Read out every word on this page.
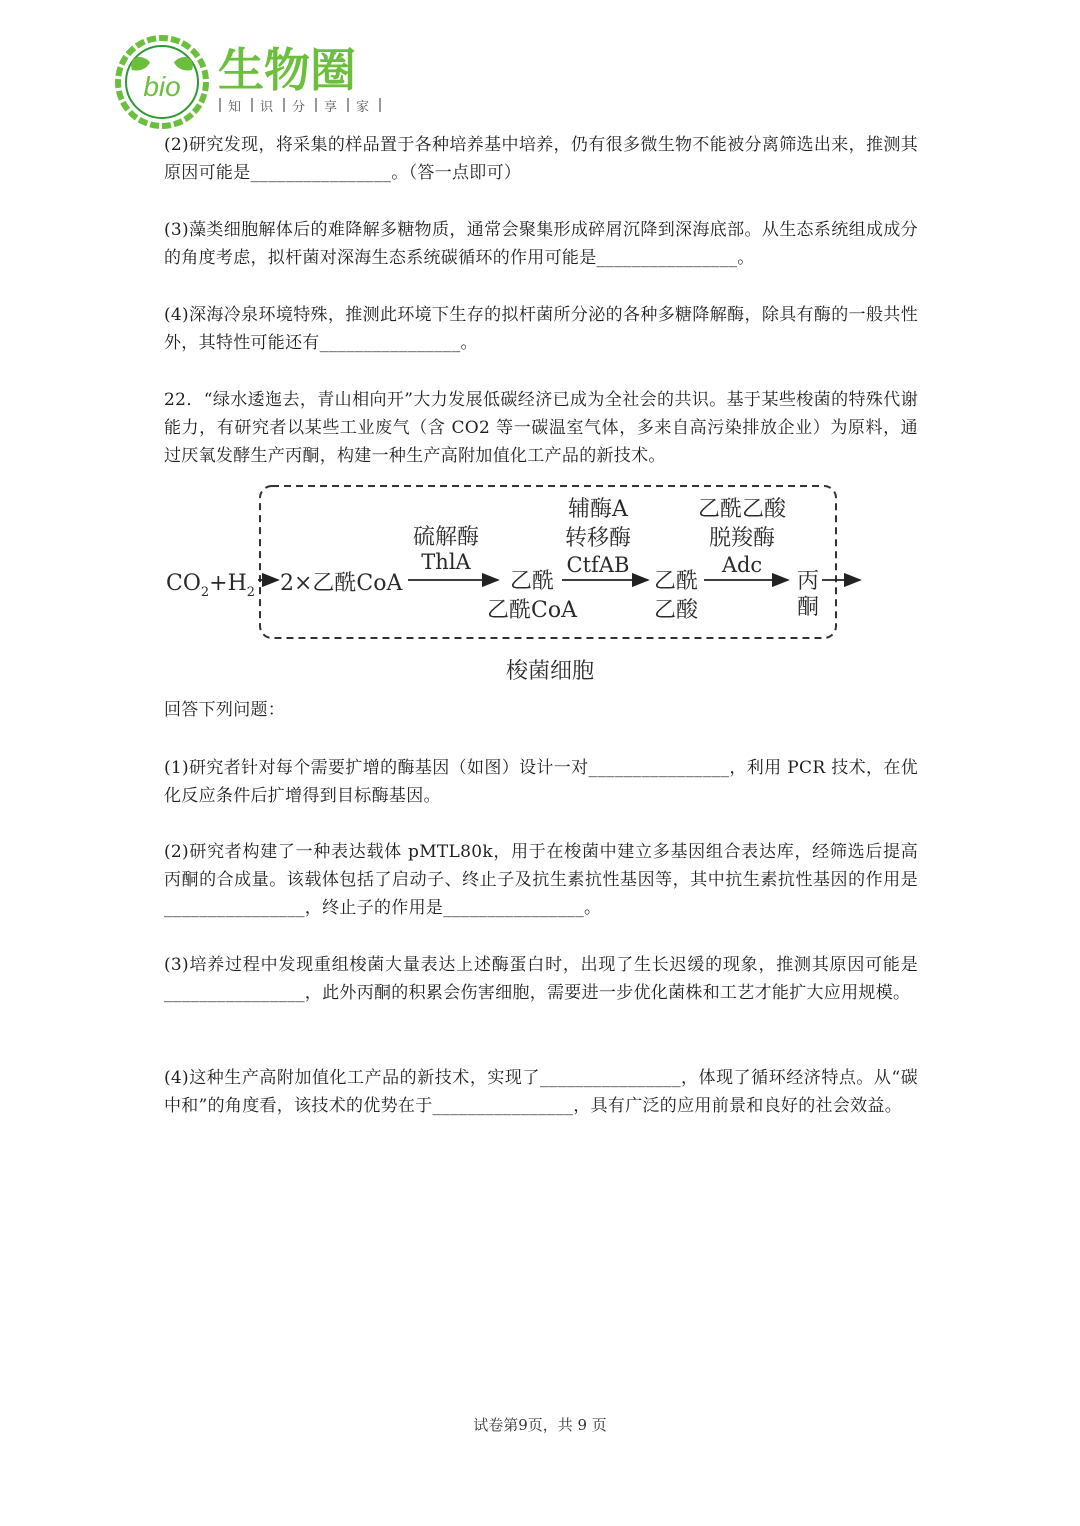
bio 生物圈
知 识 分 享 家

(2)研究发现，将采集的样品置于各种培养基中培养，仍有很多微生物不能被分离筛选出来，推测其原因可能是________________。（答一点即可）

(3)藻类细胞解体后的难降解多糖物质，通常会聚集形成碎屑沉降到深海底部。从生态系统组成成分的角度考虑，拟杆菌对深海生态系统碳循环的作用可能是________________。

(4)深海冷泉环境特殊，推测此环境下生存的拟杆菌所分泌的各种多糖降解酶，除具有酶的一般共性外，其特性可能还有________________。

22．“绿水逶迤去，青山相向开”大力发展低碳经济已成为全社会的共识。基于某些梭菌的特殊代谢能力，有研究者以某些工业废气（含 CO2 等一碳温室气体，多来自高污染排放企业）为原料，通过厌氧发酵生产丙酮，构建一种生产高附加值化工产品的新技术。

$CO_2+H_2$ 2×乙酰CoA
硫解酶
ThlA
乙酰
乙酰CoA
辅酶A
转移酶
CtfAB
乙酰
乙酸
乙酰乙酸
脱羧酶
Adc
丙
酮
梭菌细胞

回答下列问题：

(1)研究者针对每个需要扩增的酶基因（如图）设计一对________________，利用 PCR 技术，在优化反应条件后扩增得到目标酶基因。

(2)研究者构建了一种表达载体 pMTL80k，用于在梭菌中建立多基因组合表达库，经筛选后提高丙酮的合成量。该载体包括了启动子、终止子及抗生素抗性基因等，其中抗生素抗性基因的作用是________________，终止子的作用是________________。

(3)培养过程中发现重组梭菌大量表达上述酶蛋白时，出现了生长迟缓的现象，推测其原因可能是________________，此外丙酮的积累会伤害细胞，需要进一步优化菌株和工艺才能扩大应用规模。

(4)这种生产高附加值化工产品的新技术，实现了________________，体现了循环经济特点。从“碳中和”的角度看，该技术的优势在于________________，具有广泛的应用前景和良好的社会效益。

试卷第9页，共 9 页
